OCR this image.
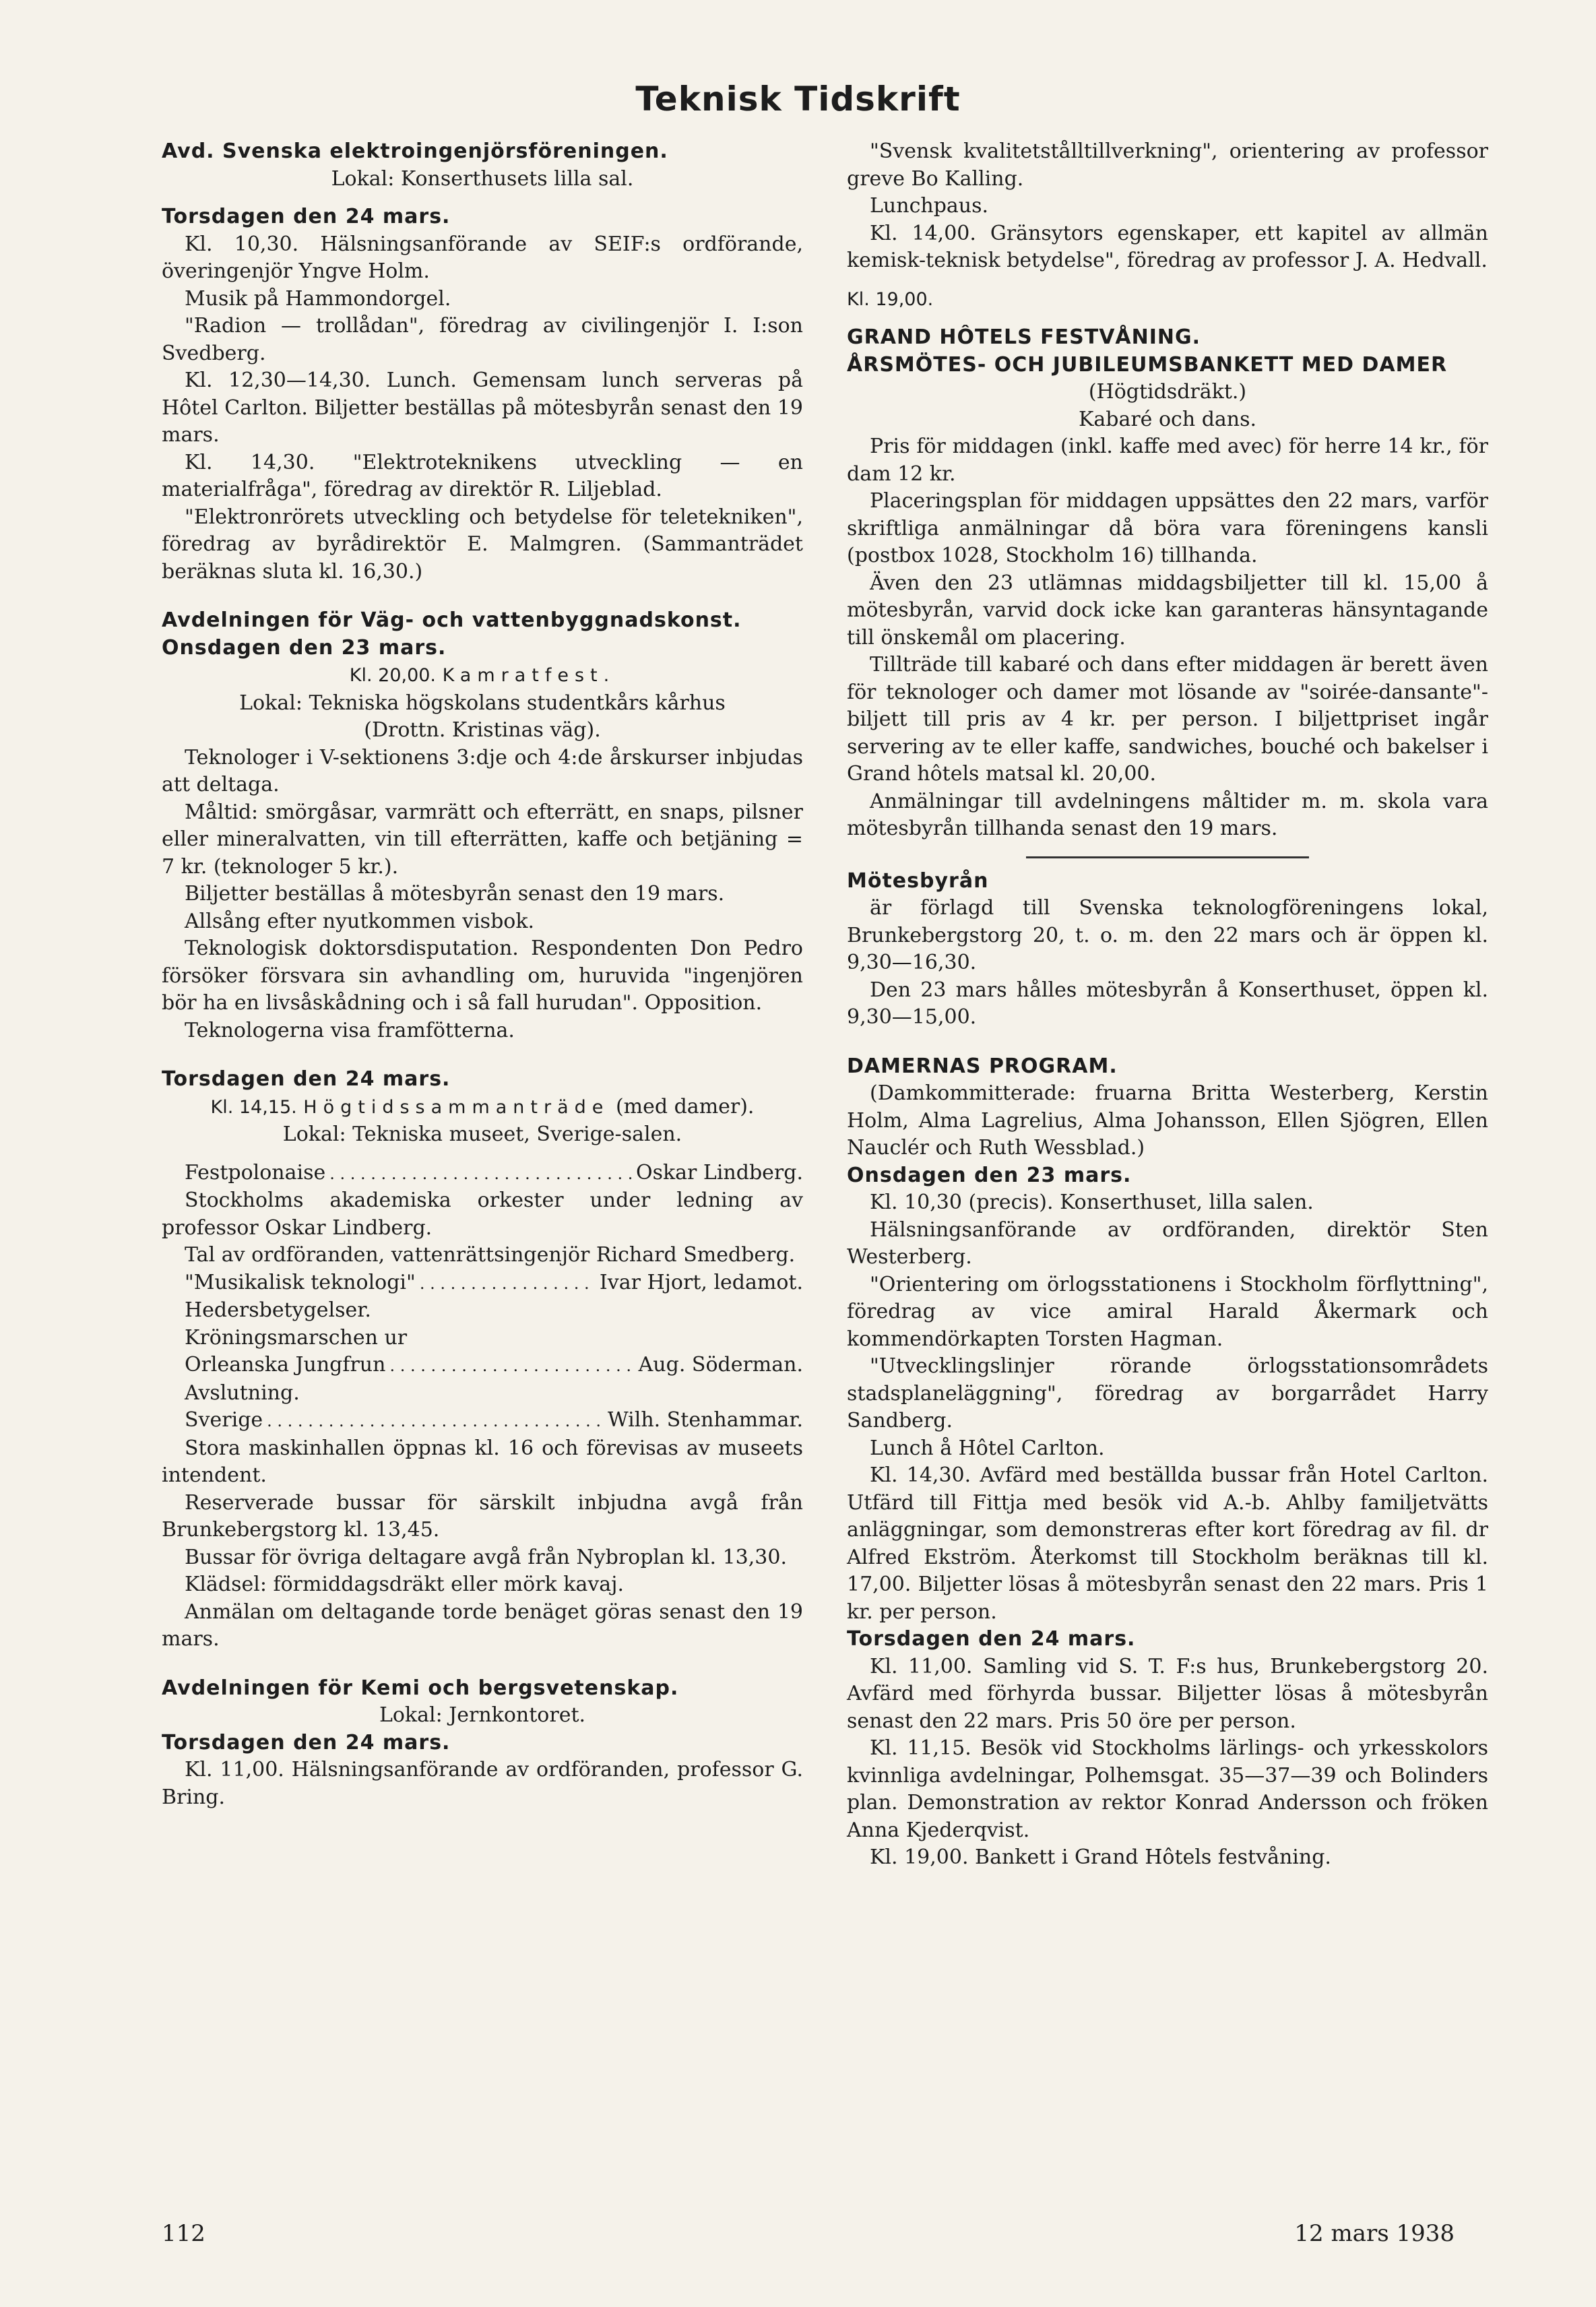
Teknisk Tidskrift

Avd. Svenska elektroingenjörsföreningen.

Lokal: Konserthusets lilla sal.

Torsdagen den 24 mars.

Kl. 10,30. Hälsningsanförande av SEIF:s ordförande, överingenjör Yngve Holm.

Musik på Hammondorgel.

"Radion — trollådan", föredrag av civilingenjör I. I:son Svedberg.

Kl. 12,30—14,30. Lunch. Gemensam lunch serveras på Hôtel Carlton. Biljetter beställas på mötesbyrån senast den 19 mars.

Kl. 14,30. "Elektroteknikens utveckling — en materialfråga", föredrag av direktör R. Liljeblad.

"Elektronrörets utveckling och betydelse för teletekniken", föredrag av byrådirektör E. Malmgren. (Sammanträdet beräknas sluta kl. 16,30.)

Avdelningen för Väg- och vattenbyggnadskonst.

Onsdagen den 23 mars.

Kl. 20,00. Kamratfest.

Lokal: Tekniska högskolans studentkårs kårhus

(Drottn. Kristinas väg).

Teknologer i V-sektionens 3:dje och 4:de årskurser inbjudas att deltaga.

Måltid: smörgåsar, varmrätt och efterrätt, en snaps, pilsner eller mineralvatten, vin till efterrätten, kaffe och betjäning = 7 kr. (teknologer 5 kr.).

Biljetter beställas å mötesbyrån senast den 19 mars.

Allsång efter nyutkommen visbok.

Teknologisk doktorsdisputation. Respondenten Don Pedro försöker försvara sin avhandling om, huruvida "ingenjören bör ha en livsåskådning och i så fall hurudan". Opposition.

Teknologerna visa framfötterna.

Torsdagen den 24 mars.

Kl. 14,15. Högtidssammanträde (med damer).

Lokal: Tekniska museet, Sverige-salen.

Festpolonaise . . .	Oskar Lindberg.

Stockholms akademiska orkester under ledning av professor Oskar Lindberg.

Tal av ordföranden, vattenrättsingenjör Richard Smedberg.

"Musikalisk teknologi" . . .	Ivar Hjort, ledamot.

Hedersbetygelser.

Kröningsmarschen ur

Orleanska Jungfrun . . .	Aug. Söderman.

Avslutning.

Sverige . . .	Wilh. Stenhammar.

Stora maskinhallen öppnas kl. 16 och förevisas av museets intendent.

Reserverade bussar för särskilt inbjudna avgå från Brunkebergstorg kl. 13,45.

Bussar för övriga deltagare avgå från Nybroplan kl. 13,30.

Klädsel: förmiddagsdräkt eller mörk kavaj.

Anmälan om deltagande torde benäget göras senast den 19 mars.

Avdelningen för Kemi och bergsvetenskap.

Lokal: Jernkontoret.

Torsdagen den 24 mars.

Kl. 11,00. Hälsningsanförande av ordföranden, professor G. Bring.

"Svensk kvalitetstålltillverkning", orientering av professor greve Bo Kalling.

Lunchpaus.

Kl. 14,00. Gränsytors egenskaper, ett kapitel av allmän kemisk-teknisk betydelse", föredrag av professor J. A. Hedvall.

Kl. 19,00.

GRAND HÔTELS FESTVÅNING.

ÅRSMÖTES- OCH JUBILEUMSBANKETT MED DAMER

(Högtidsdräkt.)

Kabaré och dans.

Pris för middagen (inkl. kaffe med avec) för herre 14 kr., för dam 12 kr.

Placeringsplan för middagen uppsättes den 22 mars, varför skriftliga anmälningar då böra vara föreningens kansli (postbox 1028, Stockholm 16) tillhanda.

Även den 23 utlämnas middagsbiljetter till kl. 15,00 å mötesbyrån, varvid dock icke kan garanteras hänsyntagande till önskemål om placering.

Tillträde till kabaré och dans efter middagen är berett även för teknologer och damer mot lösande av "soirée-dansante"-biljett till pris av 4 kr. per person. I biljettpriset ingår servering av te eller kaffe, sandwiches, bouché och bakelser i Grand hôtels matsal kl. 20,00.

Anmälningar till avdelningens måltider m. m. skola vara mötesbyrån tillhanda senast den 19 mars.

Mötesbyrån

är förlagd till Svenska teknologföreningens lokal, Brunkebergstorg 20, t. o. m. den 22 mars och är öppen kl. 9,30—16,30.

Den 23 mars hålles mötesbyrån å Konserthuset, öppen kl. 9,30—15,00.

DAMERNAS PROGRAM.

(Damkommitterade: fruarna Britta Westerberg, Kerstin Holm, Alma Lagrelius, Alma Johansson, Ellen Sjögren, Ellen Nauclér och Ruth Wessblad.)

Onsdagen den 23 mars.

Kl. 10,30 (precis). Konserthuset, lilla salen.

Hälsningsanförande av ordföranden, direktör Sten Westerberg.

"Orientering om örlogsstationens i Stockholm förflyttning", föredrag av vice amiral Harald Åkermark och kommendörkapten Torsten Hagman.

"Utvecklingslinjer rörande örlogsstationsområdets stadsplaneläggning", föredrag av borgarrådet Harry Sandberg.

Lunch å Hôtel Carlton.

Kl. 14,30. Avfärd med beställda bussar från Hotel Carlton. Utfärd till Fittja med besök vid A.-b. Ahlby familjetvätts anläggningar, som demonstreras efter kort föredrag av fil. dr Alfred Ekström. Återkomst till Stockholm beräknas till kl. 17,00. Biljetter lösas å mötesbyrån senast den 22 mars. Pris 1 kr. per person.

Torsdagen den 24 mars.

Kl. 11,00. Samling vid S. T. F:s hus, Brunkebergstorg 20. Avfärd med förhyrda bussar. Biljetter lösas å mötesbyrån senast den 22 mars. Pris 50 öre per person.

Kl. 11,15. Besök vid Stockholms lärlings- och yrkesskolors kvinnliga avdelningar, Polhemsgat. 35—37—39 och Bolinders plan. Demonstration av rektor Konrad Andersson och fröken Anna Kjederqvist.

Kl. 19,00. Bankett i Grand Hôtels festvåning.

112	12 mars 1938
